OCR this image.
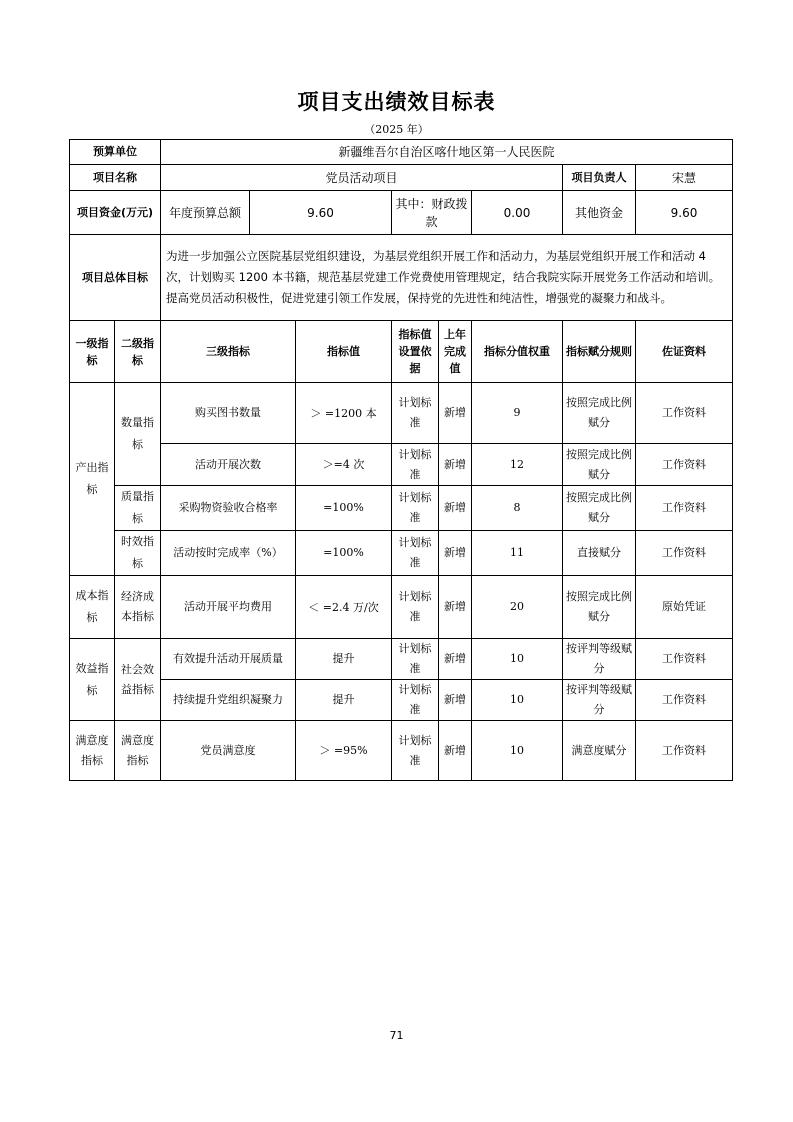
项目支出绩效目标表
（2025 年）
预算单位		新疆维吾尔自治区喀什地区第一人民医院							
项目名称		党员活动项目						项目负责人	宋慧
项目资金(万元)		年度预算总额	9.60		其中：财政拨款		0.00	其他资金	9.60
项目总体目标		为进一步加强公立医院基层党组织建设，为基层党组织开展工作和活动力，为基层党组织开展工作和活动 4 次，计划购买 1200 本书籍，规范基层党建工作党费使用管理规定，结合我院实际开展党务工作活动和培训。提高党员活动积极性，促进党建引领工作发展，保持党的先进性和纯洁性，增强党的凝聚力和战斗。							
一级指标	二级指标	三级指标		指标值	指标值设置依据	上年完成值	指标分值权重	指标赋分规则	佐证资料
产出指标	数量指标	购买图书数量		＞ =1200 本	计划标准	新增	9	按照完成比例赋分	工作资料
		活动开展次数		＞=4 次	计划标准	新增	12	按照完成比例赋分	工作资料
	质量指标	采购物资验收合格率		=100%	计划标准	新增	8	按照完成比例赋分	工作资料
	时效指标	活动按时完成率（%）		=100%	计划标准	新增	11	直接赋分	工作资料
成本指标	经济成本指标	活动开展平均费用		＜ =2.4 万/次	计划标准	新增	20	按照完成比例赋分	原始凭证
效益指标	社会效益指标	有效提升活动开展质量		提升	计划标准	新增	10	按评判等级赋分	工作资料
		持续提升党组织凝聚力		提升	计划标准	新增	10	按评判等级赋分	工作资料
满意度指标	满意度指标	党员满意度		＞ =95%	计划标准	新增	10	满意度赋分	工作资料
71
